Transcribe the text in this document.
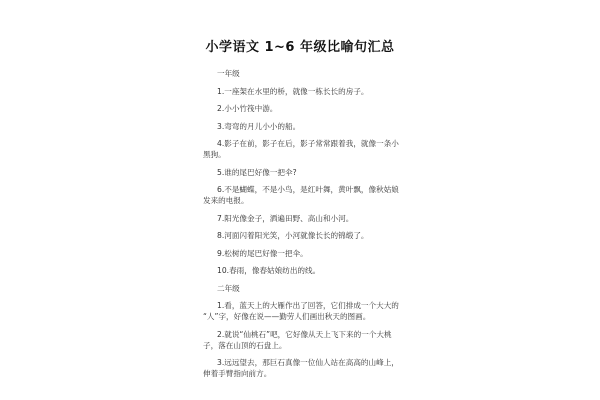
小学语文 1~6 年级比喻句汇总
一年级
1.一座架在水里的桥，就像一栋长长的房子。
2.小小竹筏中游。
3.弯弯的月儿小小的船。
4.影子在前，影子在后，影子常常跟着我，就像一条小
黑狗。
5.谁的尾巴好像一把伞?
6.不是蝴蝶，不是小鸟，是红叶舞，黄叶飘，像秋姑娘
发来的电报。
7.阳光像金子，洒遍田野、高山和小河。
8.河面闪着阳光笑，小河就像长长的锦缎了。
9.松树的尾巴好像一把伞。
10.春雨，像春姑娘纺出的线。
二年级
1.看，蓝天上的大雁作出了回答，它们排成一个大大的
“人”字，好像在说——勤劳人们画出秋天的图画。
2.就说“仙桃石”吧，它好像从天上飞下来的一个大桃
子，落在山顶的石盘上。
3.远远望去，那巨石真像一位仙人站在高高的山峰上，
伸着手臂指向前方。
